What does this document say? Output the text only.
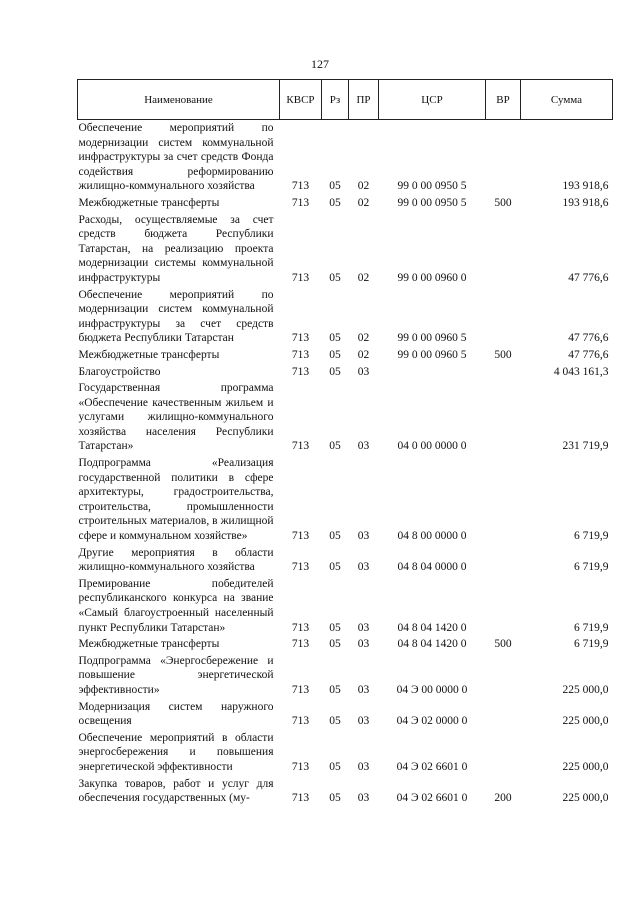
127
Наименование	КВСР	Рз	ПР	ЦСР	ВР	Сумма
Обеспечение мероприятий по модернизации систем коммунальной инфраструктуры за счет средств Фонда содействия реформированию жилищно-коммунального хозяйства	713	05	02	99 0 00 0950 5		193 918,6
Межбюджетные трансферты	713	05	02	99 0 00 0950 5	500	193 918,6
Расходы, осуществляемые за счет средств бюджета Республики Татарстан, на реализацию проекта модернизации системы коммунальной инфраструктуры	713	05	02	99 0 00 0960 0		47 776,6
Обеспечение мероприятий по модернизации систем коммунальной инфраструктуры за счет средств бюджета Республики Татарстан	713	05	02	99 0 00 0960 5		47 776,6
Межбюджетные трансферты	713	05	02	99 0 00 0960 5	500	47 776,6
Благоустройство	713	05	03			4 043 161,3
Государственная программа «Обеспечение качественным жильем и услугами жилищно-коммунального хозяйства населения Республики Татарстан»	713	05	03	04 0 00 0000 0		231 719,9
Подпрограмма «Реализация государственной политики в сфере архитектуры, градостроительства, строительства, промышленности строительных материалов, в жилищной сфере и коммунальном хозяйстве»	713	05	03	04 8 00 0000 0		6 719,9
Другие мероприятия в области жилищно-коммунального хозяйства	713	05	03	04 8 04 0000 0		6 719,9
Премирование победителей республиканского конкурса на звание «Самый благоустроенный населенный пункт Республики Татарстан»	713	05	03	04 8 04 1420 0		6 719,9
Межбюджетные трансферты	713	05	03	04 8 04 1420 0	500	6 719,9
Подпрограмма «Энергосбережение и повышение энергетической эффективности»	713	05	03	04 Э 00 0000 0		225 000,0
Модернизация систем наружного освещения	713	05	03	04 Э 02 0000 0		225 000,0
Обеспечение мероприятий в области энергосбережения и повышения энергетической эффективности	713	05	03	04 Э 02 6601 0		225 000,0
Закупка товаров, работ и услуг для обеспечения государственных (му-	713	05	03	04 Э 02 6601 0	200	225 000,0
